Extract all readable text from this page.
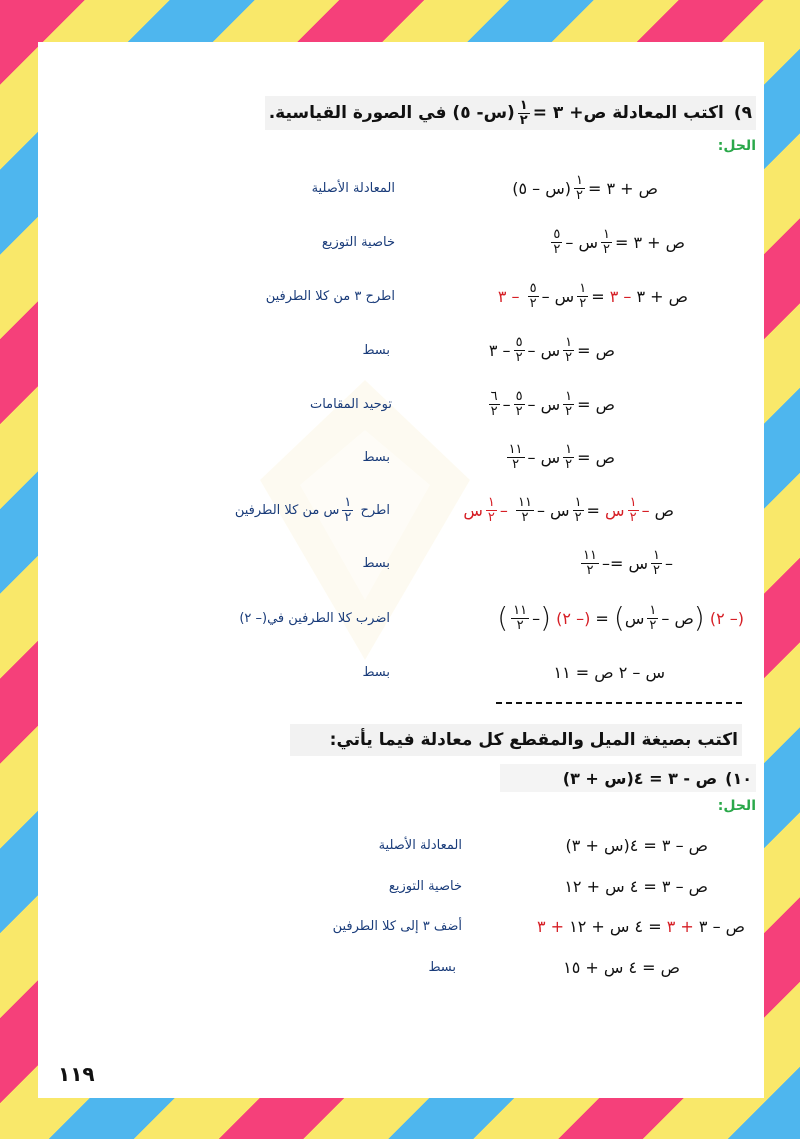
٩)
اكتب المعادلة ص+ ٣ =
$\frac{١}{٢}$
(س- ٥) في الصورة القياسية.
الحل:
ص + ٣ =
$\frac{١}{٢}$
(س – ٥)
المعادلة الأصلية
ص + ٣ =
$\frac{١}{٢}$
س –
$\frac{٥}{٢}$
خاصية التوزيع
ص + ٣

– ٣

=
$\frac{١}{٢}$
س –
$\frac{٥}{٢}$

– ٣
اطرح ٣ من كلا الطرفين
ص =
$\frac{١}{٢}$
س –
$\frac{٥}{٢}$
– ٣
بسط
ص =
$\frac{١}{٢}$
س –
$\frac{٥}{٢}$
–
$\frac{٦}{٢}$
توحيد المقامات
ص =
$\frac{١}{٢}$
س –
$\frac{١١}{٢}$
بسط
ص

–
$\frac{١}{٢}$
س

=
$\frac{١}{٢}$
س –
$\frac{١١}{٢}$

–
$\frac{١}{٢}$
س
اطرح

$\frac{١}{٢}$
س من كلا الطرفين
–
$\frac{١}{٢}$
س =
–
$\frac{١١}{٢}$
بسط
(– ٢)

(
ص –
$\frac{١}{٢}$
س
)

=

(– ٢)

(
–
$\frac{١١}{٢}$
)
اضرب كلا الطرفين في(– ٢)
س – ٢ ص = ١١
بسط
اكتب بصيغة الميل والمقطع كل معادلة فيما يأتي:
١٠)
ص - ٣ = ٤(س + ٣)
الحل:
ص – ٣ = ٤(س + ٣)
المعادلة الأصلية
ص – ٣ = ٤ س + ١٢
خاصية التوزيع
ص – ٣

+ ٣

= ٤ س + ١٢

+ ٣
أضف ٣ إلى كلا الطرفين
ص = ٤ س + ١٥
بسط
١١٩
